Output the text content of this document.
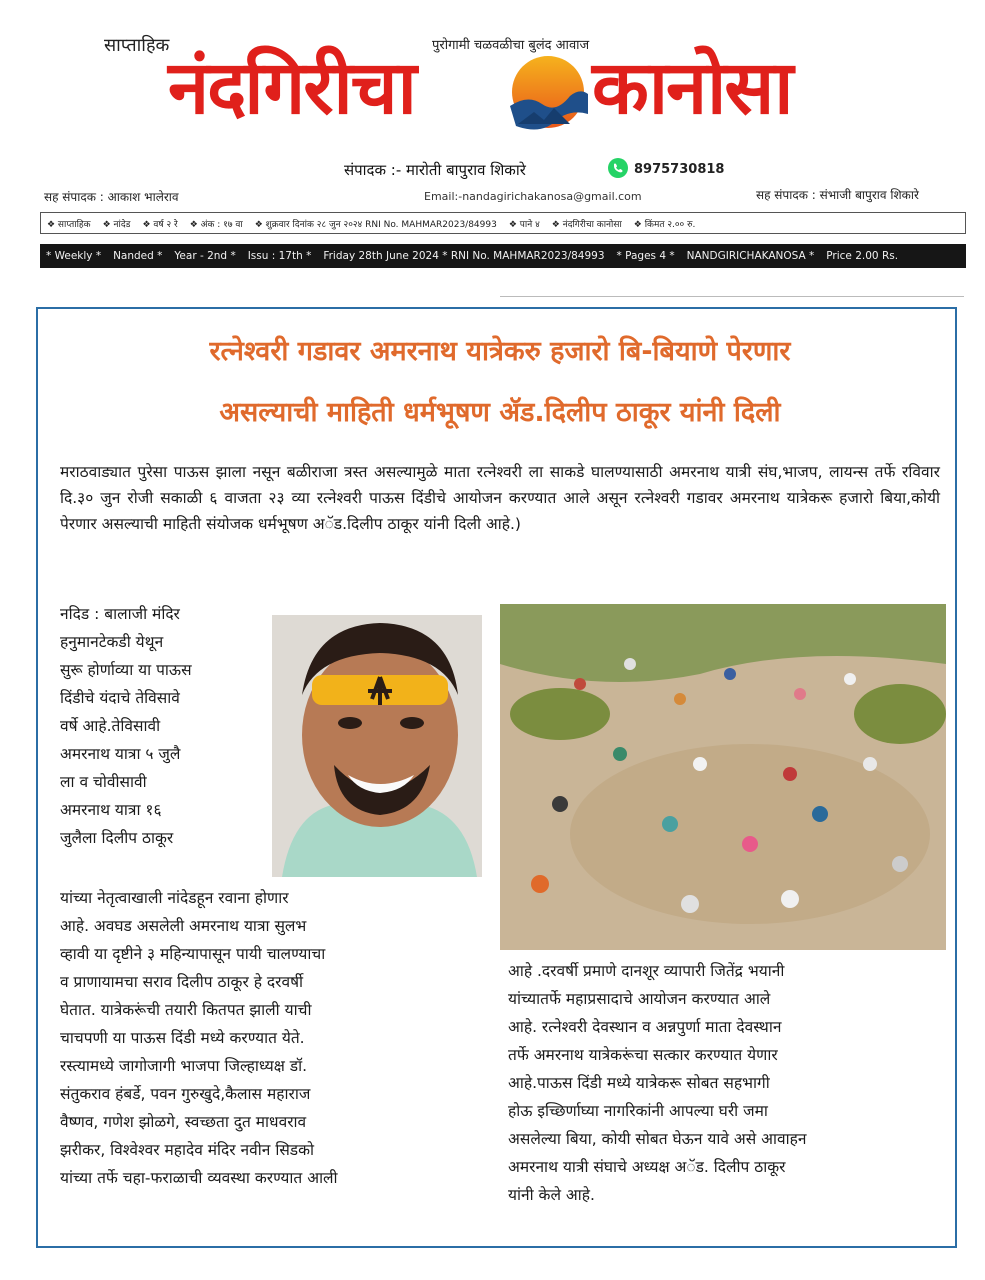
साप्ताहिक	पुरोगामी चळवळीचा बुलंद आवाज
नंदगिरीचा कानोसा
संपादक :- मारोती बापुराव शिकारे	8975730818
सह संपादक : आकाश भालेराव	Email:-nandagirichakanosa@gmail.com	सह संपादक : संभाजी बापुराव शिकारे
❖ साप्ताहिक ❖ नांदेड ❖ वर्ष २ रे ❖ अंक : १७ वा ❖ शुक्रवार दिनांक २८ जुन २०२४ RNI No. MAHMAR2023/84993 ❖ पाने ४ ❖ नंदगिरीचा कानोसा ❖ किंमत २.०० रु.
* Weekly * Nanded * Year - 2nd * Issu : 17th * Friday 28th June 2024 * RNI No. MAHMAR2023/84993 * Pages 4 * NANDGIRICHAKANOSA * Price 2.00 Rs.
रत्नेश्वरी गडावर अमरनाथ यात्रेकरु हजारो बि-बियाणे पेरणार
असल्याची माहिती धर्मभूषण ॲड.दिलीप ठाकूर यांनी दिली
मराठवाड्यात पुरेसा पाऊस झाला नसून बळीराजा त्रस्त असल्यामुळे माता रत्नेश्वरी ला साकडे घालण्यासाठी अमरनाथ यात्री संघ,भाजप, लायन्स तर्फे रविवार दि.३० जुन रोजी सकाळी ६ वाजता २३ व्या रत्नेश्वरी पाऊस दिंडीचे आयोजन करण्यात आले असून रत्नेश्वरी गडावर अमरनाथ यात्रेकरू हजारो बिया,कोयी पेरणार असल्याची माहिती संयोजक धर्मभूषण अॅड.दिलीप ठाकूर यांनी दिली आहे.)
नदिड : बालाजी मंदिर
हनुमानटेकडी येथून
सुरू होर्णाव्या या पाऊस
दिंडीचे यंदाचे तेविसावे
वर्षे आहे.तेविसावी
अमरनाथ यात्रा ५ जुलै
ला व चोवीसावी
अमरनाथ यात्रा १६
जुलैला दिलीप ठाकूर
यांच्या नेतृत्वाखाली नांदेडहून रवाना होणार
आहे. अवघड असलेली अमरनाथ यात्रा सुलभ
व्हावी या दृष्टीने ३ महिन्यापासून पायी चालण्याचा
व प्राणायामचा सराव दिलीप ठाकूर हे दरवर्षी
घेतात. यात्रेकरूंची तयारी कितपत झाली याची
चाचपणी या पाऊस दिंडी मध्ये करण्यात येते.
रस्त्यामध्ये जागोजागी भाजपा जिल्हाध्यक्ष डॉ.
संतुकराव हंबर्डे, पवन गुरुखुदे,कैलास महाराज
वैष्णव, गणेश झोळगे, स्वच्छता दुत माधवराव
झरीकर, विश्वेश्वर महादेव मंदिर नवीन सिडको
यांच्या तर्फे चहा-फराळाची व्यवस्था करण्यात आली
आहे .दरवर्षी प्रमाणे दानशूर व्यापारी जितेंद्र भयानी
यांच्यातर्फे महाप्रसादाचे आयोजन करण्यात आले
आहे. रत्नेश्वरी देवस्थान व अन्नपुर्णा माता देवस्थान
तर्फे अमरनाथ यात्रेकरूंचा सत्कार करण्यात येणार
आहे.पाऊस दिंडी मध्ये यात्रेकरू सोबत सहभागी
होऊ इच्छिर्णाघ्या नागरिकांनी आपल्या घरी जमा
असलेल्या बिया, कोयी सोबत घेऊन यावे असे आवाहन
अमरनाथ यात्री संघाचे अध्यक्ष अॅड. दिलीप ठाकूर
यांनी केले आहे.
